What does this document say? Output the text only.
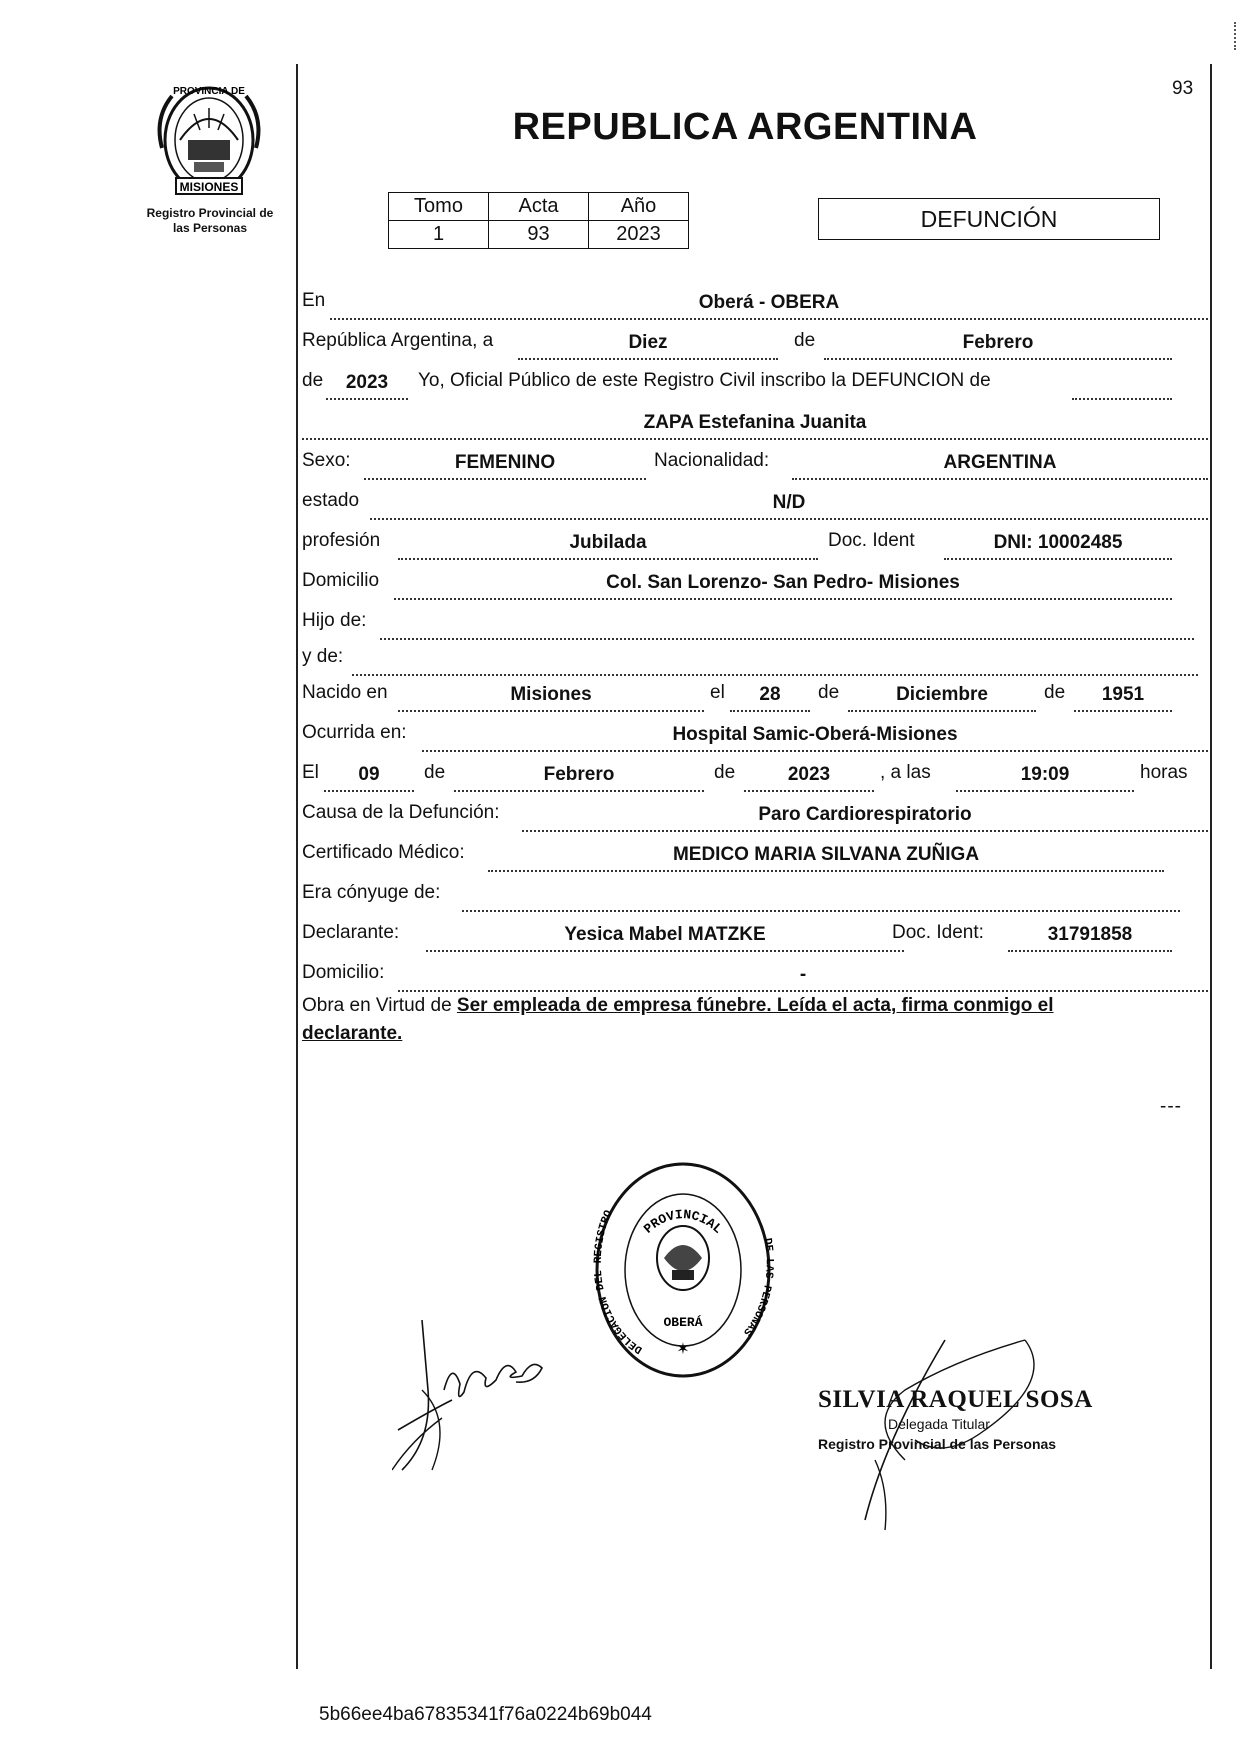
93
PROVINCIA DE
MISIONES
Registro Provincial de
las Personas
REPUBLICA ARGENTINA
Tomo	Acta	Año
1	93	2023
DEFUNCIÓN
En	Oberá - OBERA
República Argentina, a	Diez	de	Febrero
de	2023	Yo, Oficial Público de este Registro Civil inscribo la DEFUNCION de
ZAPA Estefanina Juanita
Sexo:	FEMENINO	Nacionalidad:	ARGENTINA
estado	N/D
profesión	Jubilada	Doc. Ident	DNI: 10002485
Domicilio	Col. San Lorenzo- San Pedro- Misiones
Hijo de:
y de:
Nacido en	Misiones	el	28	de	Diciembre	de	1951
Ocurrida en:	Hospital Samic-Oberá-Misiones
El	09	de	Febrero	de	2023	, a las	19:09	horas
Causa de la Defunción:	Paro Cardiorespiratorio
Certificado Médico:	MEDICO MARIA SILVANA ZUÑIGA
Era cónyuge de:
Declarante:	Yesica Mabel MATZKE	Doc. Ident:	31791858
Domicilio:	-
Obra en Virtud de Ser empleada de empresa fúnebre. Leída el acta, firma conmigo el
declarante.
---
PROVINCIAL
DELEGACION DEL REGISTRO
DE LAS PERSONAS
OBERÁ
✶
SILVIA RAQUEL SOSA
Delegada Titular
Registro Provincial de las Personas
5b66ee4ba67835341f76a0224b69b044
